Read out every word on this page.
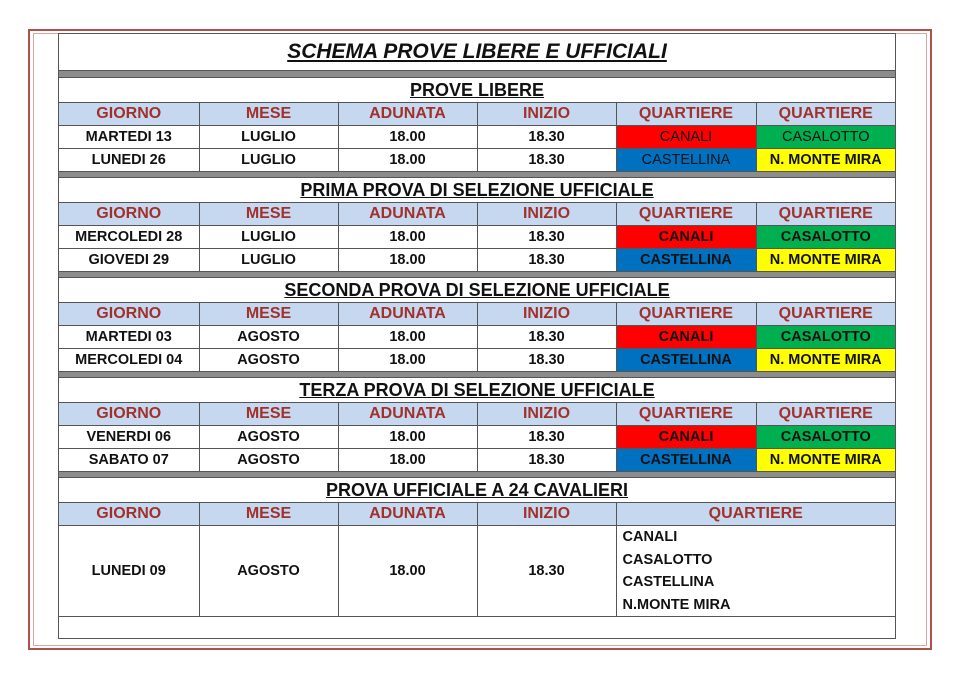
SCHEMA PROVE LIBERE E UFFICIALI
PROVE LIBERE
GIORNO	MESE	ADUNATA	INIZIO	QUARTIERE	QUARTIERE
MARTEDI 13	LUGLIO	18.00	18.30	CANALI	CASALOTTO
LUNEDI 26	LUGLIO	18.00	18.30	CASTELLINA	N. MONTE MIRA
PRIMA PROVA DI SELEZIONE UFFICIALE
GIORNO	MESE	ADUNATA	INIZIO	QUARTIERE	QUARTIERE
MERCOLEDI 28	LUGLIO	18.00	18.30	CANALI	CASALOTTO
GIOVEDI 29	LUGLIO	18.00	18.30	CASTELLINA	N. MONTE MIRA
SECONDA PROVA DI SELEZIONE UFFICIALE
GIORNO	MESE	ADUNATA	INIZIO	QUARTIERE	QUARTIERE
MARTEDI 03	AGOSTO	18.00	18.30	CANALI	CASALOTTO
MERCOLEDI 04	AGOSTO	18.00	18.30	CASTELLINA	N. MONTE MIRA
TERZA PROVA DI SELEZIONE UFFICIALE
GIORNO	MESE	ADUNATA	INIZIO	QUARTIERE	QUARTIERE
VENERDI 06	AGOSTO	18.00	18.30	CANALI	CASALOTTO
SABATO 07	AGOSTO	18.00	18.30	CASTELLINA	N. MONTE MIRA
PROVA UFFICIALE A 24 CAVALIERI
GIORNO	MESE	ADUNATA	INIZIO	QUARTIERE
LUNEDI 09	AGOSTO	18.00	18.30	CANALI
CASALOTTO
CASTELLINA
N.MONTE MIRA
